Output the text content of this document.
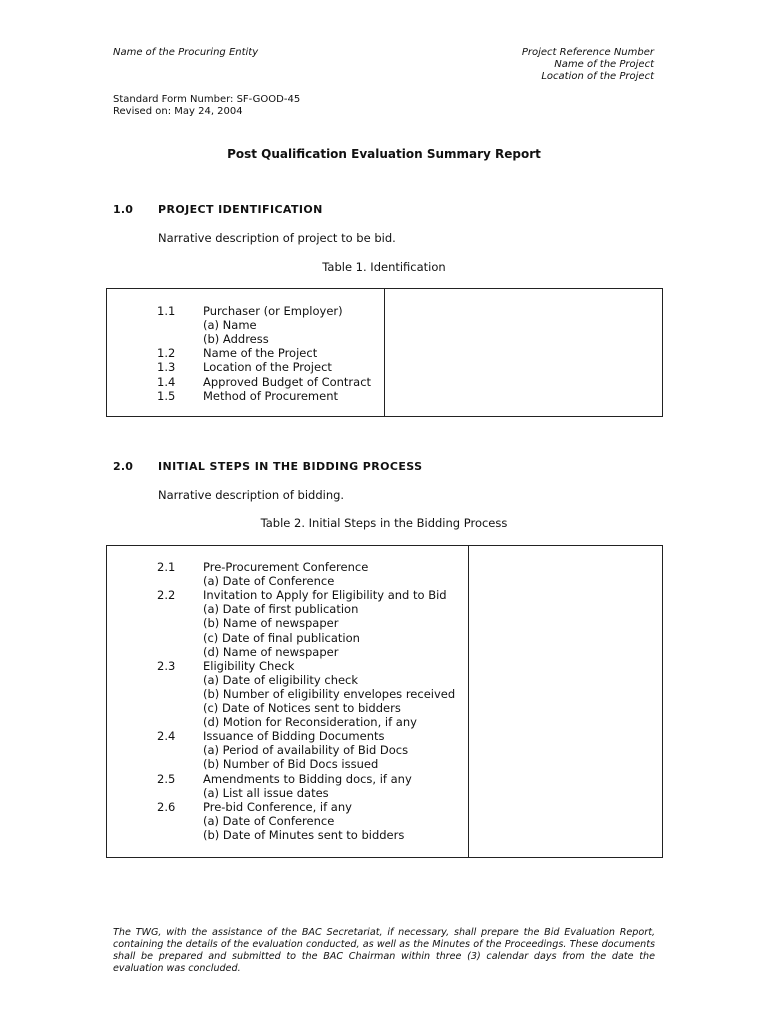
Name of the Procuring Entity	Project Reference Number
Name of the Project
Location of the Project
Standard Form Number: SF-GOOD-45
Revised on: May 24, 2004
Post Qualification Evaluation Summary Report
1.0 PROJECT IDENTIFICATION
Narrative description of project to be bid.
Table 1. Identification
1.1 Purchaser (or Employer)
(a) Name
(b) Address
1.2 Name of the Project
1.3 Location of the Project
1.4 Approved Budget of Contract
1.5 Method of Procurement
2.0 INITIAL STEPS IN THE BIDDING PROCESS
Narrative description of bidding.
Table 2. Initial Steps in the Bidding Process
2.1 Pre-Procurement Conference
(a) Date of Conference
2.2 Invitation to Apply for Eligibility and to Bid
(a) Date of first publication
(b) Name of newspaper
(c) Date of final publication
(d) Name of newspaper
2.3 Eligibility Check
(a) Date of eligibility check
(b) Number of eligibility envelopes received
(c) Date of Notices sent to bidders
(d) Motion for Reconsideration, if any
2.4 Issuance of Bidding Documents
(a) Period of availability of Bid Docs
(b) Number of Bid Docs issued
2.5 Amendments to Bidding docs, if any
(a) List all issue dates
2.6 Pre-bid Conference, if any
(a) Date of Conference
(b) Date of Minutes sent to bidders

The TWG, with the assistance of the BAC Secretariat, if necessary, shall prepare the Bid Evaluation Report, containing the details of the evaluation conducted, as well as the Minutes of the Proceedings. These documents shall be prepared and submitted to the BAC Chairman within three (3) calendar days from the date the evaluation was concluded.
